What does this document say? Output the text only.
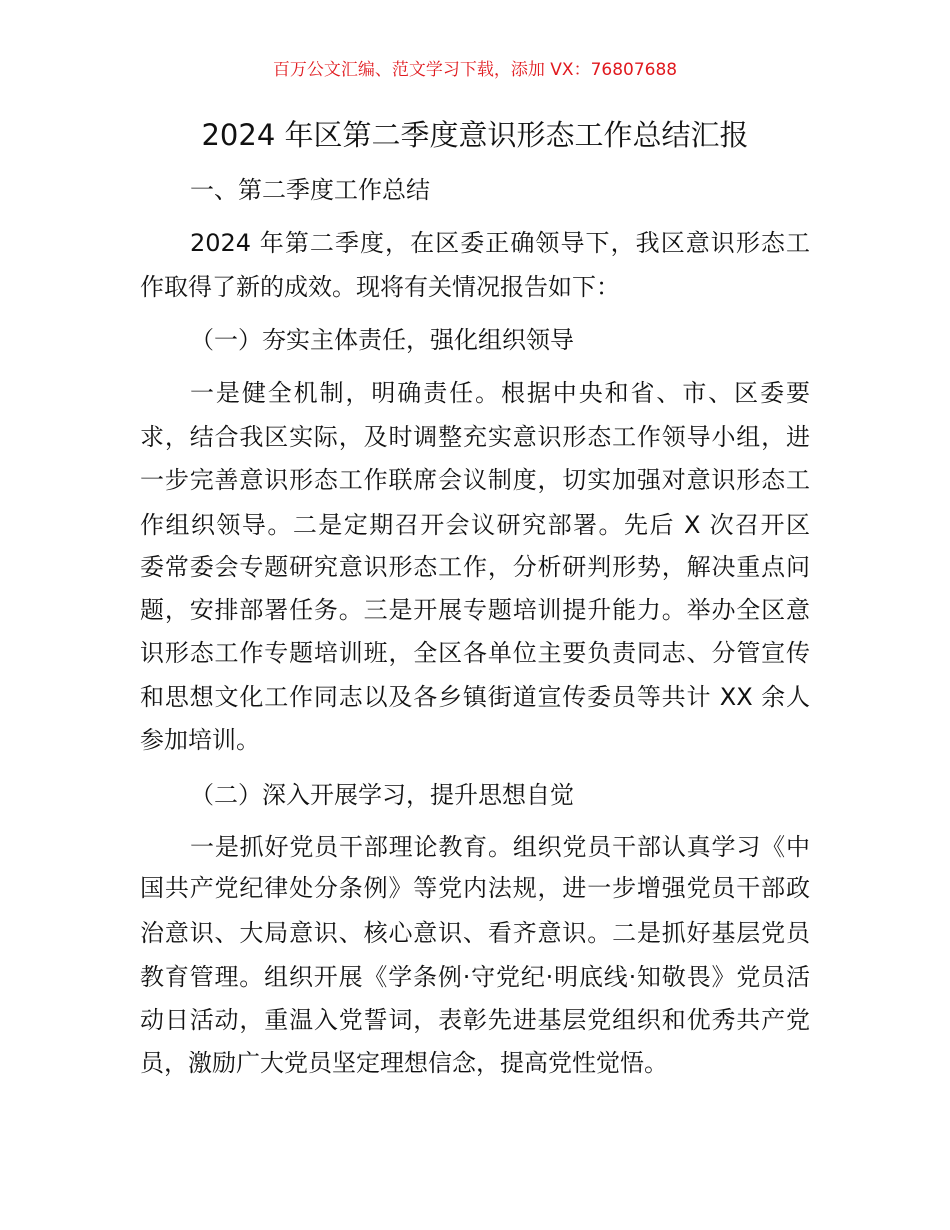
百万公文汇编、范文学习下载，添加 VX：76807688
2024 年区第二季度意识形态工作总结汇报
一、第二季度工作总结
2024 年第二季度，在区委正确领导下，我区意识形态工
作取得了新的成效。现将有关情况报告如下：
（一）夯实主体责任，强化组织领导
一是健全机制，明确责任。根据中央和省、市、区委要
求，结合我区实际，及时调整充实意识形态工作领导小组，进
一步完善意识形态工作联席会议制度，切实加强对意识形态工
作组织领导。二是定期召开会议研究部署。先后 X 次召开区
委常委会专题研究意识形态工作，分析研判形势，解决重点问
题，安排部署任务。三是开展专题培训提升能力。举办全区意
识形态工作专题培训班，全区各单位主要负责同志、分管宣传
和思想文化工作同志以及各乡镇街道宣传委员等共计 XX 余人
参加培训。
（二）深入开展学习，提升思想自觉
一是抓好党员干部理论教育。组织党员干部认真学习《中
国共产党纪律处分条例》等党内法规，进一步增强党员干部政
治意识、大局意识、核心意识、看齐意识。二是抓好基层党员
教育管理。组织开展《学条例·守党纪·明底线·知敬畏》党员活
动日活动，重温入党誓词，表彰先进基层党组织和优秀共产党
员，激励广大党员坚定理想信念，提高党性觉悟。
